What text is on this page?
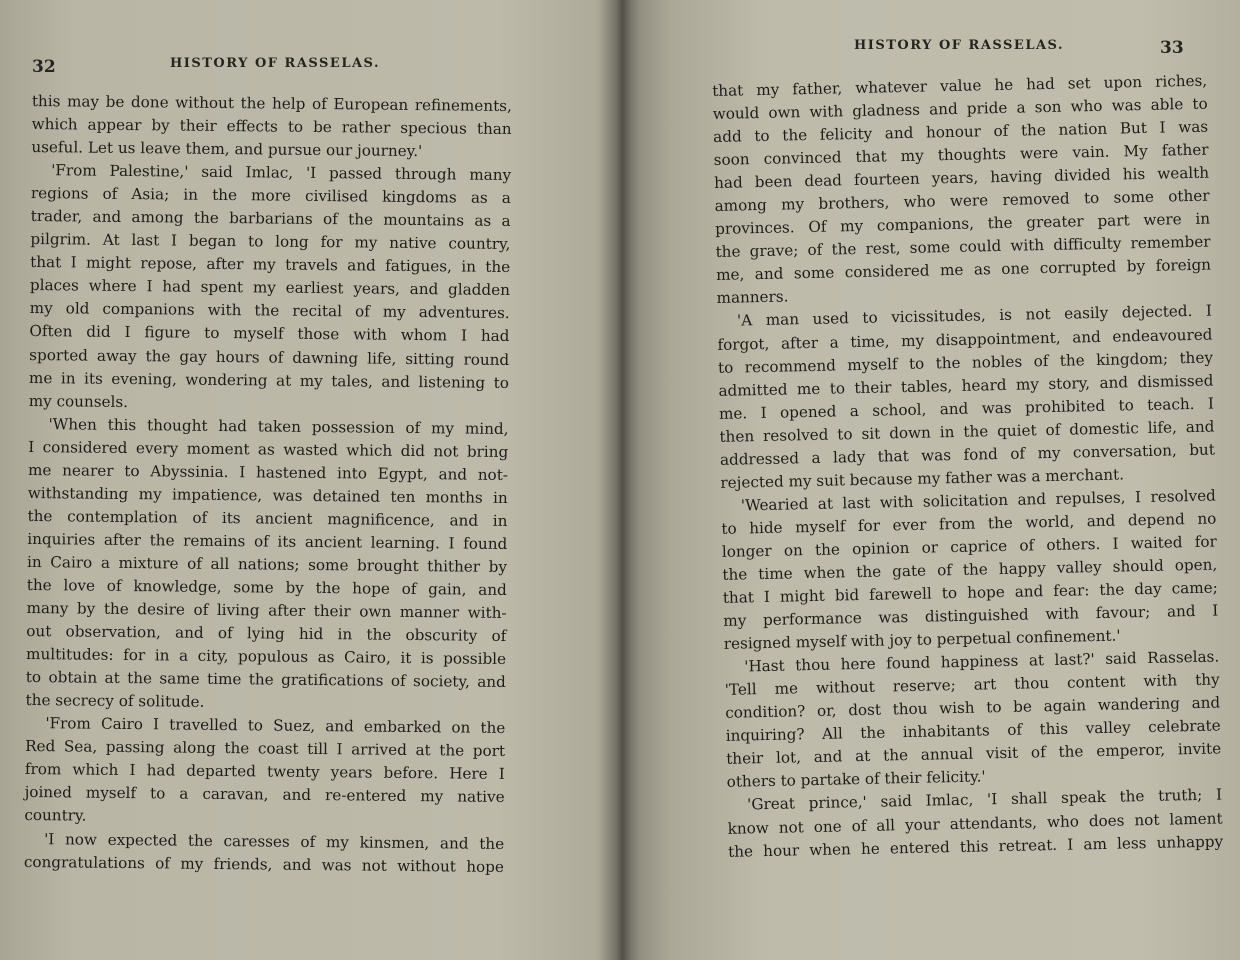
32	HISTORY OF RASSELAS.
this may be done without the help of European refinements,
which appear by their effects to be rather specious than
useful. Let us leave them, and pursue our journey.'
'From Palestine,' said Imlac, 'I passed through many
regions of Asia; in the more civilised kingdoms as a
trader, and among the barbarians of the mountains as a
pilgrim. At last I began to long for my native country,
that I might repose, after my travels and fatigues, in the
places where I had spent my earliest years, and gladden
my old companions with the recital of my adventures.
Often did I figure to myself those with whom I had
sported away the gay hours of dawning life, sitting round
me in its evening, wondering at my tales, and listening to
my counsels.
'When this thought had taken possession of my mind,
I considered every moment as wasted which did not bring
me nearer to Abyssinia. I hastened into Egypt, and not-
withstanding my impatience, was detained ten months in
the contemplation of its ancient magnificence, and in
inquiries after the remains of its ancient learning. I found
in Cairo a mixture of all nations; some brought thither by
the love of knowledge, some by the hope of gain, and
many by the desire of living after their own manner with-
out observation, and of lying hid in the obscurity of
multitudes: for in a city, populous as Cairo, it is possible
to obtain at the same time the gratifications of society, and
the secrecy of solitude.
'From Cairo I travelled to Suez, and embarked on the
Red Sea, passing along the coast till I arrived at the port
from which I had departed twenty years before. Here I
joined myself to a caravan, and re-entered my native
country.
'I now expected the caresses of my kinsmen, and the
congratulations of my friends, and was not without hope
HISTORY OF RASSELAS.	33
that my father, whatever value he had set upon riches,
would own with gladness and pride a son who was able to
add to the felicity and honour of the nation But I was
soon convinced that my thoughts were vain. My father
had been dead fourteen years, having divided his wealth
among my brothers, who were removed to some other
provinces. Of my companions, the greater part were in
the grave; of the rest, some could with difficulty remember
me, and some considered me as one corrupted by foreign
manners.
'A man used to vicissitudes, is not easily dejected. I
forgot, after a time, my disappointment, and endeavoured
to recommend myself to the nobles of the kingdom; they
admitted me to their tables, heard my story, and dismissed
me. I opened a school, and was prohibited to teach. I
then resolved to sit down in the quiet of domestic life, and
addressed a lady that was fond of my conversation, but
rejected my suit because my father was a merchant.
'Wearied at last with solicitation and repulses, I resolved
to hide myself for ever from the world, and depend no
longer on the opinion or caprice of others. I waited for
the time when the gate of the happy valley should open,
that I might bid farewell to hope and fear: the day came;
my performance was distinguished with favour; and I
resigned myself with joy to perpetual confinement.'
'Hast thou here found happiness at last?' said Rasselas.
'Tell me without reserve; art thou content with thy
condition? or, dost thou wish to be again wandering and
inquiring? All the inhabitants of this valley celebrate
their lot, and at the annual visit of the emperor, invite
others to partake of their felicity.'
'Great prince,' said Imlac, 'I shall speak the truth; I
know not one of all your attendants, who does not lament
the hour when he entered this retreat. I am less unhappy
